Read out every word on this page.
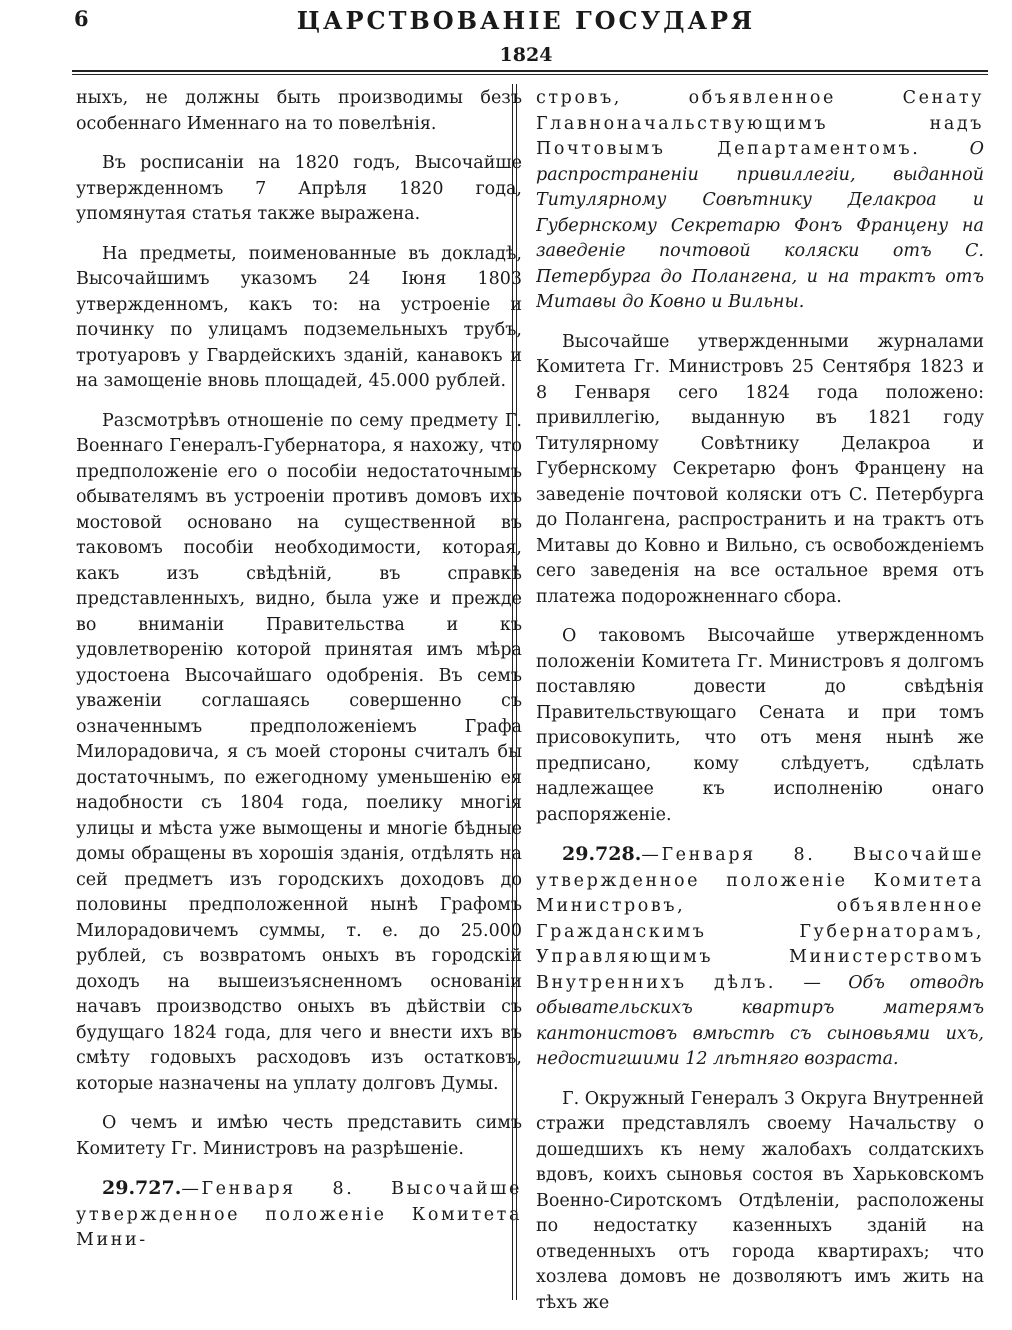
6	ЦАРСТВОВАНІЕ ГОСУДАРЯ
1824

ныхъ, не должны быть производимы безъ особеннаго Именнаго на то повелѣнія.

Въ росписаніи на 1820 годъ, Высочайше утвержденномъ 7 Апрѣля 1820 года, упомянутая статья также выражена.

На предметы, поименованные въ докладѣ, Высочайшимъ указомъ 24 Іюня 1803 утвержденномъ, какъ то: на устроеніе и починку по улицамъ подземельныхъ трубъ, тротуаровъ у Гвардейскихъ зданій, канавокъ и на замощеніе вновь площадей, 45.000 рублей.

Разсмотрѣвъ отношеніе по сему предмету Г. Военнаго Генералъ-Губернатора, я нахожу, что предположеніе его о пособіи недостаточнымъ обывателямъ въ устроеніи противъ домовъ ихъ мостовой основано на существенной въ таковомъ пособіи необходимости, которая, какъ изъ свѣдѣній, въ справкѣ представленныхъ, видно, была уже и прежде во вниманіи Правительства и къ удовлетворенію которой принятая имъ мѣра удостоена Высочайшаго одобренія. Въ семъ уваженіи соглашаясь совершенно съ означеннымъ предположеніемъ Графа Милорадовича, я съ моей стороны считалъ бы достаточнымъ, по ежегодному уменьшенію ея надобности съ 1804 года, поелику многія улицы и мѣста уже вымощены и многіе бѣдные домы обращены въ хорошія зданія, отдѣлять на сей предметъ изъ городскихъ доходовъ до половины предположенной нынѣ Графомъ Милорадовичемъ суммы, т. е. до 25.000 рублей, съ возвратомъ оныхъ въ городскій доходъ на вышеизъясненномъ основаніи начавъ производство оныхъ въ дѣйствіи съ будущаго 1824 года, для чего и внести ихъ въ смѣту годовыхъ расходовъ изъ остатковъ, которые назначены на уплату долговъ Думы.

О чемъ и имѣю честь представить симъ Комитету Гг. Министровъ на разрѣшеніе.

29.727.—Генваря 8. Высочайше утвержденное положеніе Комитета Мини-

стровъ, объявленное Сенату Главноначальствующимъ надъ Почтовымъ Департаментомъ.	О распространеніи привиллегіи, выданной Титулярному Совѣтнику Делакроа и Губернскому Секретарю Фонъ Францену на заведеніе почтовой коляски отъ С. Петербурга до Полангена, и на трактъ отъ Митавы до Ковно и Вильны.

Высочайше утвержденными журналами Комитета Гг. Министровъ 25 Сентября 1823 и 8 Генваря сего 1824 года положено: привиллегію, выданную въ 1821 году Титулярному Совѣтнику Делакроа и Губернскому Секретарю фонъ Францену на заведеніе почтовой коляски отъ С. Петербурга до Полангена, распространить и на трактъ отъ Митавы до Ковно и Вильно, съ освобожденіемъ сего заведенія на все остальное время отъ платежа подорожненнаго сбора.

О таковомъ Высочайше утвержденномъ положеніи Комитета Гг. Министровъ я долгомъ поставляю довести до свѣдѣнія Правительствующаго Сената и при томъ присовокупить, что отъ меня нынѣ же предписано, кому слѣдуетъ, сдѣлать надлежащее къ исполненію онаго распоряженіе.

29.728.—Генваря 8. Высочайше утвержденное положеніе Комитета Министровъ, объявленное Гражданскимъ Губернаторамъ, Управляющимъ Министерствомъ Внутреннихъ дѣлъ. — Объ отводѣ обывательскихъ квартиръ матерямъ кантонистовъ вмѣстѣ съ сыновьями ихъ, недостигшими 12 лѣтняго возраста.

Г. Окружный Генералъ 3 Округа Внутренней стражи представлялъ своему Начальству о дошедшихъ къ нему жалобахъ солдатскихъ вдовъ, коихъ сыновья состоя въ Харьковскомъ Военно-Сиротскомъ Отдѣленіи, расположены по недостатку казенныхъ зданій на отведенныхъ отъ города квартирахъ; что хозлева домовъ не дозволяютъ имъ жить на тѣхъ же
